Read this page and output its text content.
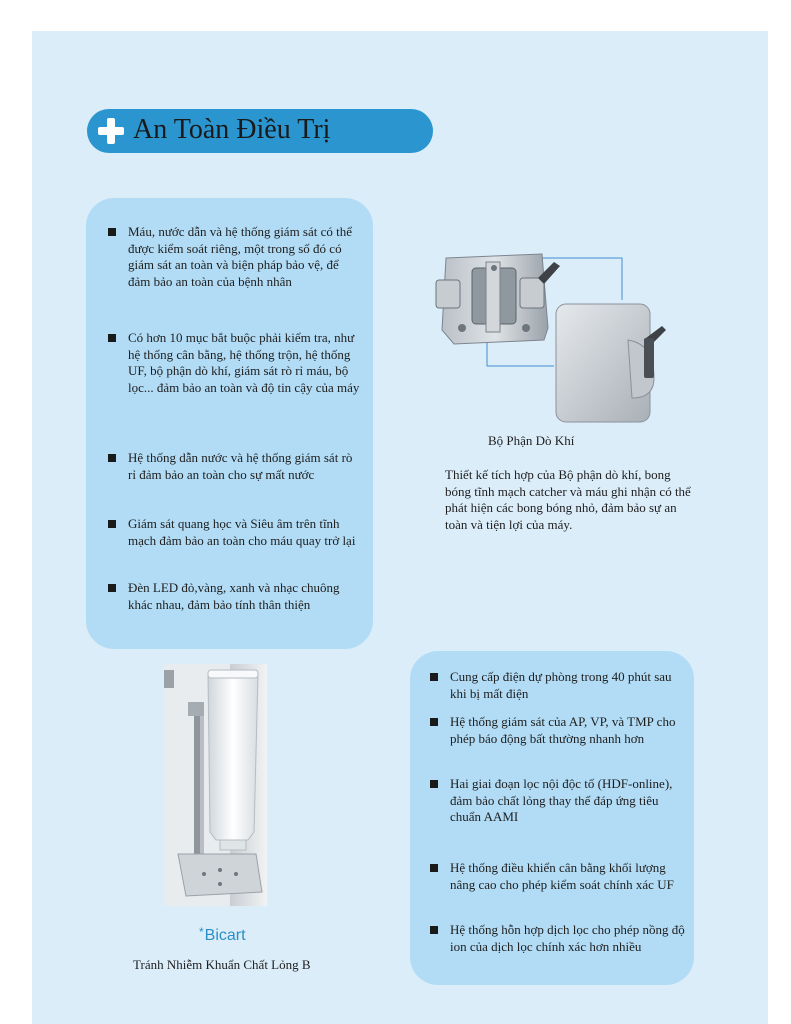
An Toàn Điều Trị
Máu, nước dẫn và hệ thống giám sát có thể được kiểm soát riêng, một trong số đó có giám sát an toàn và biện pháp bảo vệ, để đảm bảo an toàn của bệnh nhân
Có hơn 10 mục bắt buộc phải kiểm tra, như hệ thống cân bằng, hệ thống trộn, hệ thống UF, bộ phận dò khí, giám sát rò rỉ máu, bộ lọc... đảm bảo an toàn và độ tin cậy của máy
Hệ thống dẫn nước và hệ thống giám sát rò rỉ đảm bảo an toàn cho sự mất nước
Giám sát quang học và Siêu âm trên tĩnh mạch đảm bảo an toàn cho máu quay trở lại
Đèn LED đỏ,vàng, xanh và nhạc chuông khác nhau, đảm bảo tính thân thiện
Bộ Phận Dò Khí
Thiết kế tích hợp của Bộ phận dò khí, bong bóng tĩnh mạch catcher và máu ghi nhận có thể phát hiện các bong bóng nhỏ, đảm bảo sự an toàn và tiện lợi của máy.
*Bicart
Tránh Nhiễm Khuẩn Chất Lỏng B
Cung cấp điện dự phòng trong 40 phút sau khi bị mất điện
Hệ thống giám sát của AP, VP, và TMP cho phép báo động bất thường nhanh hơn
Hai giai đoạn lọc nội độc tố (HDF-online), đảm bảo chất lỏng thay thế đáp ứng tiêu chuẩn AAMI
Hệ thống điều khiển cân bằng khối lượng nâng cao cho phép kiểm soát chính xác UF
Hệ thống hỗn hợp dịch lọc cho phép nồng độ ion của dịch lọc chính xác hơn nhiều
